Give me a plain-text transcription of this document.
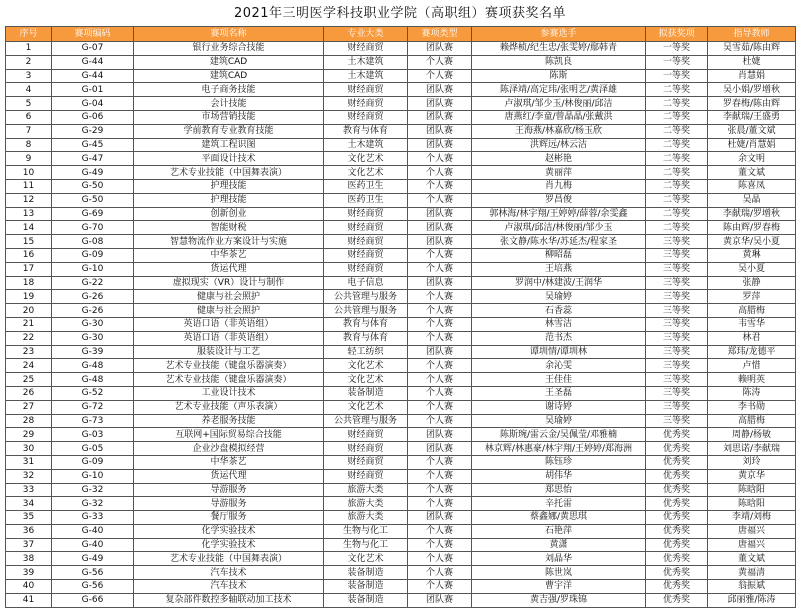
2021年三明医学科技职业学院（高职组）赛项获奖名单
序号	赛项编码	赛项名称	专业大类	赛项类型	参赛选手	拟获奖项	指导教师
1	G-07	银行业务综合技能	财经商贸	团队赛	赖烨桢/纪生忠/张雯婷/鄢韩青	一等奖	吴雪茹/陈由辉
2	G-44	建筑CAD	土木建筑	个人赛	陈凯良	一等奖	杜婕
3	G-44	建筑CAD	土木建筑	个人赛	陈斯	一等奖	肖慧娟
4	G-01	电子商务技能	财经商贸	团队赛	陈泽靖/高定玮/张明艺/黄泽雄	二等奖	吴小娟/罗增秋
5	G-04	会计技能	财经商贸	团队赛	卢淑琪/邹少玉/林俊丽/邱洁	二等奖	罗春梅/陈由辉
6	G-06	市场营销技能	财经商贸	团队赛	唐燕红/李童/曾晶晶/张戴洪	二等奖	李献瑞/王盛勇
7	G-29	学前教育专业教育技能	教育与体育	团队赛	王海燕/林嘉欣/杨玉欣	二等奖	张晨/董文斌
8	G-45	建筑工程识图	土木建筑	团队赛	洪辉远/林云洁	二等奖	杜婕/肖慧娟
9	G-47	平面设计技术	文化艺术	个人赛	赵彬艳	二等奖	余文明
10	G-49	艺术专业技能（中国舞表演）	文化艺术	个人赛	黄丽萍	二等奖	董文斌
11	G-50	护理技能	医药卫生	个人赛	肖九梅	二等奖	陈喜凤
12	G-50	护理技能	医药卫生	个人赛	罗昌俊	二等奖	吴晶
13	G-69	创新创业	财经商贸	团队赛	郭林海/林宇翔/王婷婷/薛蓉/余雯鑫	二等奖	李献瑞/罗增秋
14	G-70	智能财税	财经商贸	团队赛	卢淑琪/邱洁/林俊丽/邹少玉	二等奖	陈由辉/罗春梅
15	G-08	智慧物流作业方案设计与实施	财经商贸	团队赛	张文静/陈水华/苏延杰/程家圣	三等奖	黄京华/吴小夏
16	G-09	中华茶艺	财经商贸	个人赛	柳昭磊	三等奖	黄琳
17	G-10	货运代理	财经商贸	个人赛	王培燕	三等奖	吴小夏
18	G-22	虚拟现实（VR）设计与制作	电子信息	团队赛	罗润中/林建波/王润华	三等奖	张静
19	G-26	健康与社会照护	公共管理与服务	个人赛	吴瑜婷	三等奖	罗萍
20	G-26	健康与社会照护	公共管理与服务	个人赛	石香蕊	三等奖	高腊梅
21	G-30	英语口语（非英语组）	教育与体育	个人赛	林雪洁	三等奖	韦雪华
22	G-30	英语口语（非英语组）	教育与体育	个人赛	范书杰	三等奖	林君
23	G-39	服装设计与工艺	轻工纺织	团队赛	谭圳情/谭圳林	三等奖	郑玮/龙德平
24	G-48	艺术专业技能（键盘乐器演奏）	文化艺术	个人赛	余沁雯	三等奖	卢惜
25	G-48	艺术专业技能（键盘乐器演奏）	文化艺术	个人赛	王佳佳	三等奖	赖明英
26	G-52	工业设计技术	装备制造	个人赛	王圣磊	三等奖	陈涛
27	G-72	艺术专业技能（声乐表演）	文化艺术	个人赛	谢诗婷	三等奖	李书勋
28	G-73	养老服务技能	公共管理与服务	个人赛	吴瑜婷	三等奖	高腊梅
29	G-03	互联网+国际贸易综合技能	财经商贸	团队赛	陈斯琬/雷云金/吴佩莹/邓雅楠	优秀奖	周静/杨敏
30	G-05	企业沙盘模拟经营	财经商贸	团队赛	林京辉/林惠豪/林宇翔/王婷婷/郑海洲	优秀奖	刘思诺/李献瑞
31	G-09	中华茶艺	财经商贸	个人赛	陈钰珍	优秀奖	刘玲
32	G-10	货运代理	财经商贸	个人赛	胡伟华	优秀奖	黄京华
33	G-32	导游服务	旅游大类	个人赛	郑思怡	优秀奖	陈晗阳
34	G-32	导游服务	旅游大类	个人赛	辛托雷	优秀奖	陈晗阳
35	G-33	餐厅服务	旅游大类	团队赛	蔡鑫娜/黄思琪	优秀奖	李靖/刘梅
36	G-40	化学实验技术	生物与化工	个人赛	石艳萍	优秀奖	唐福兴
37	G-40	化学实验技术	生物与化工	个人赛	黄潇	优秀奖	唐福兴
38	G-49	艺术专业技能（中国舞表演）	文化艺术	个人赛	刘晶华	优秀奖	董文斌
39	G-56	汽车技术	装备制造	个人赛	陈世岚	优秀奖	黄福清
40	G-56	汽车技术	装备制造	个人赛	曹宇洋	优秀奖	翁振斌
41	G-66	复杂部件数控多轴联动加工技术	装备制造	团队赛	黄吉强/罗珠锦	优秀奖	邱丽雅/陈涛
